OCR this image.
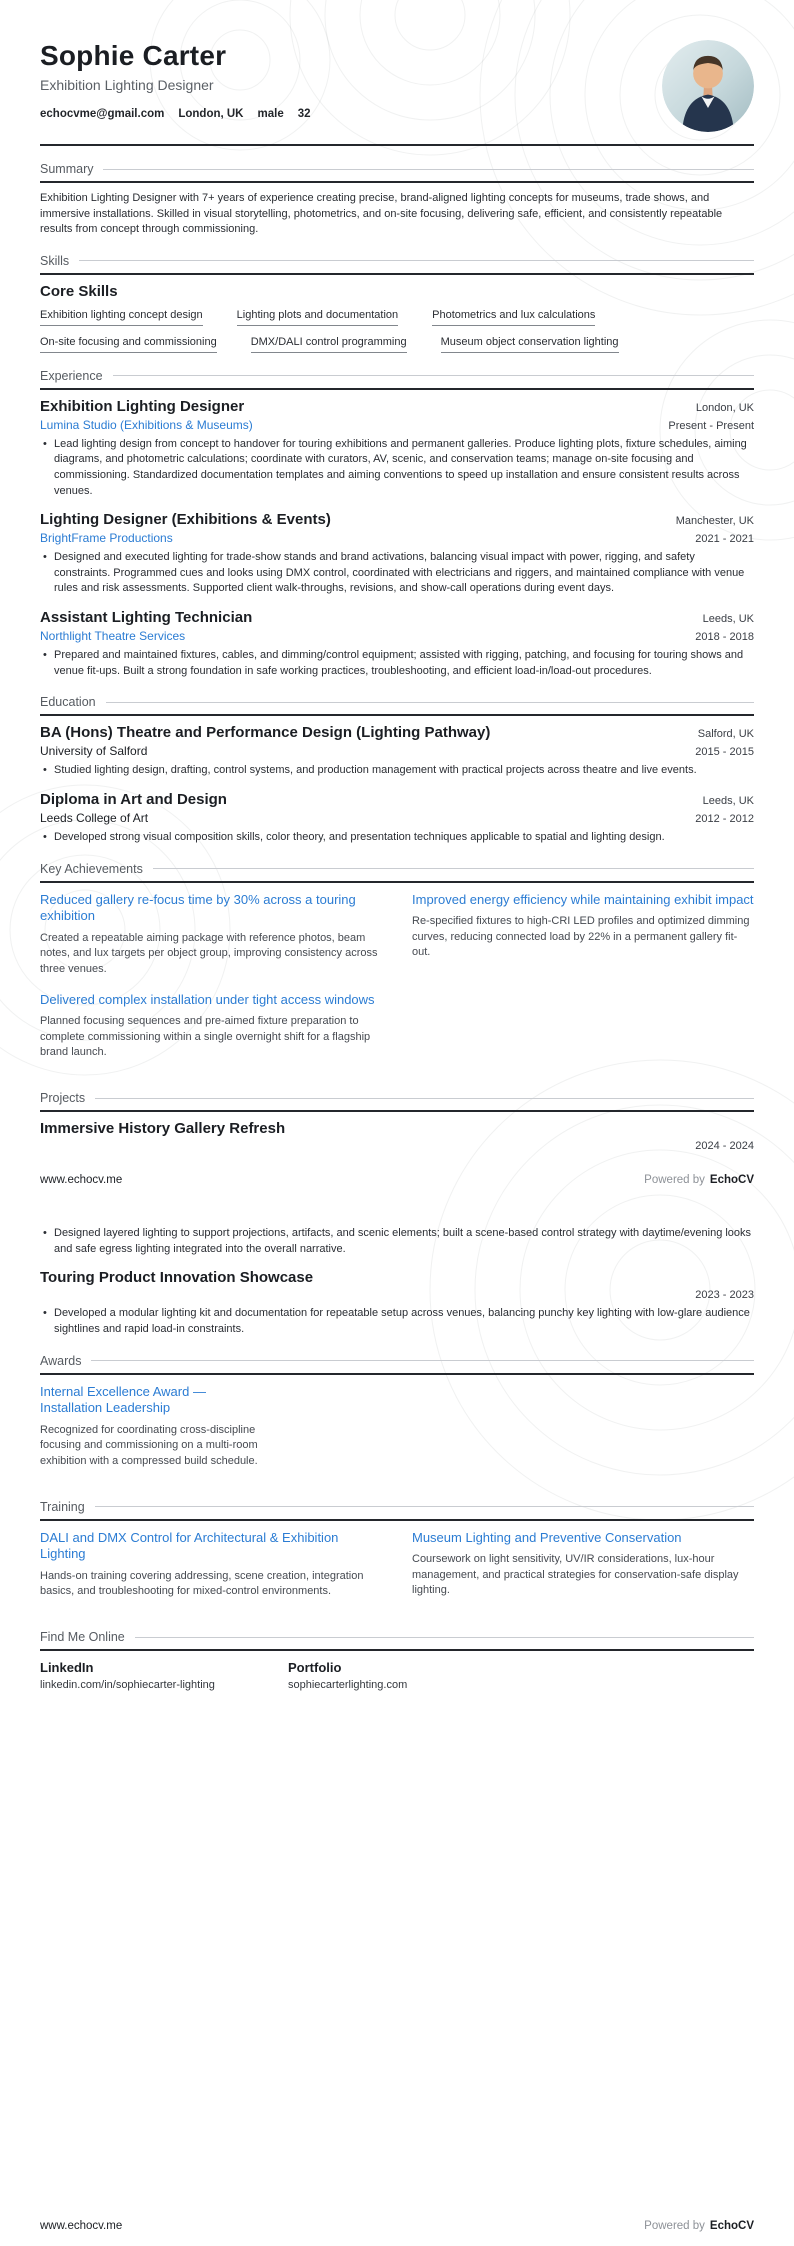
Sophie Carter
Exhibition Lighting Designer
echocvme@gmail.com London, UK male 32
Summary

Exhibition Lighting Designer with 7+ years of experience creating precise, brand-aligned lighting concepts for museums, trade shows, and immersive installations. Skilled in visual storytelling, photometrics, and on-site focusing, delivering safe, efficient, and consistently repeatable results from concept through commissioning.

Skills
Core Skills
Exhibition lighting concept design	Lighting plots and documentation	Photometrics and lux calculations
On-site focusing and commissioning	DMX/DALI control programming	Museum object conservation lighting
Experience
Exhibition Lighting Designer	London, UK
Lumina Studio (Exhibitions & Museums)	Present - Present

• Lead lighting design from concept to handover for touring exhibitions and permanent galleries. Produce lighting plots, fixture schedules, aiming diagrams, and photometric calculations; coordinate with curators, AV, scenic, and conservation teams; manage on-site focusing and commissioning. Standardized documentation templates and aiming conventions to speed up installation and ensure consistent results across venues.

Lighting Designer (Exhibitions & Events)	Manchester, UK
BrightFrame Productions	2021 - 2021

• Designed and executed lighting for trade-show stands and brand activations, balancing visual impact with power, rigging, and safety constraints. Programmed cues and looks using DMX control, coordinated with electricians and riggers, and maintained compliance with venue rules and risk assessments. Supported client walk-throughs, revisions, and show-call operations during event days.

Assistant Lighting Technician	Leeds, UK
Northlight Theatre Services	2018 - 2018

• Prepared and maintained fixtures, cables, and dimming/control equipment; assisted with rigging, patching, and focusing for touring shows and venue fit-ups. Built a strong foundation in safe working practices, troubleshooting, and efficient load-in/load-out procedures.

Education
BA (Hons) Theatre and Performance Design (Lighting Pathway)	Salford, UK
University of Salford	2015 - 2015

• Studied lighting design, drafting, control systems, and production management with practical projects across theatre and live events.

Diploma in Art and Design	Leeds, UK
Leeds College of Art	2012 - 2012

• Developed strong visual composition skills, color theory, and presentation techniques applicable to spatial and lighting design.

Key Achievements
Reduced gallery re-focus time by 30% across a touring exhibition

Created a repeatable aiming package with reference photos, beam notes, and lux targets per object group, improving consistency across three venues.

Improved energy efficiency while maintaining exhibit impact

Re-specified fixtures to high-CRI LED profiles and optimized dimming curves, reducing connected load by 22% in a permanent gallery fit-out.

Delivered complex installation under tight access windows

Planned focusing sequences and pre-aimed fixture preparation to complete commissioning within a single overnight shift for a flagship brand launch.

Projects
Immersive History Gallery Refresh
2024 - 2024
www.echocv.me	Powered by EchoCV

• Designed layered lighting to support projections, artifacts, and scenic elements; built a scene-based control strategy with daytime/evening looks and safe egress lighting integrated into the overall narrative.

Touring Product Innovation Showcase
2023 - 2023

• Developed a modular lighting kit and documentation for repeatable setup across venues, balancing punchy key lighting with low-glare audience sightlines and rapid load-in constraints.

Awards
Internal Excellence Award — Installation Leadership

Recognized for coordinating cross-discipline focusing and commissioning on a multi-room exhibition with a compressed build schedule.

Training
DALI and DMX Control for Architectural & Exhibition Lighting

Hands-on training covering addressing, scene creation, integration basics, and troubleshooting for mixed-control environments.

Museum Lighting and Preventive Conservation

Coursework on light sensitivity, UV/IR considerations, lux-hour management, and practical strategies for conservation-safe display lighting.

Find Me Online
LinkedIn
linkedin.com/in/sophiecarter-lighting
Portfolio
sophiecarterlighting.com
www.echocv.me	Powered by EchoCV
